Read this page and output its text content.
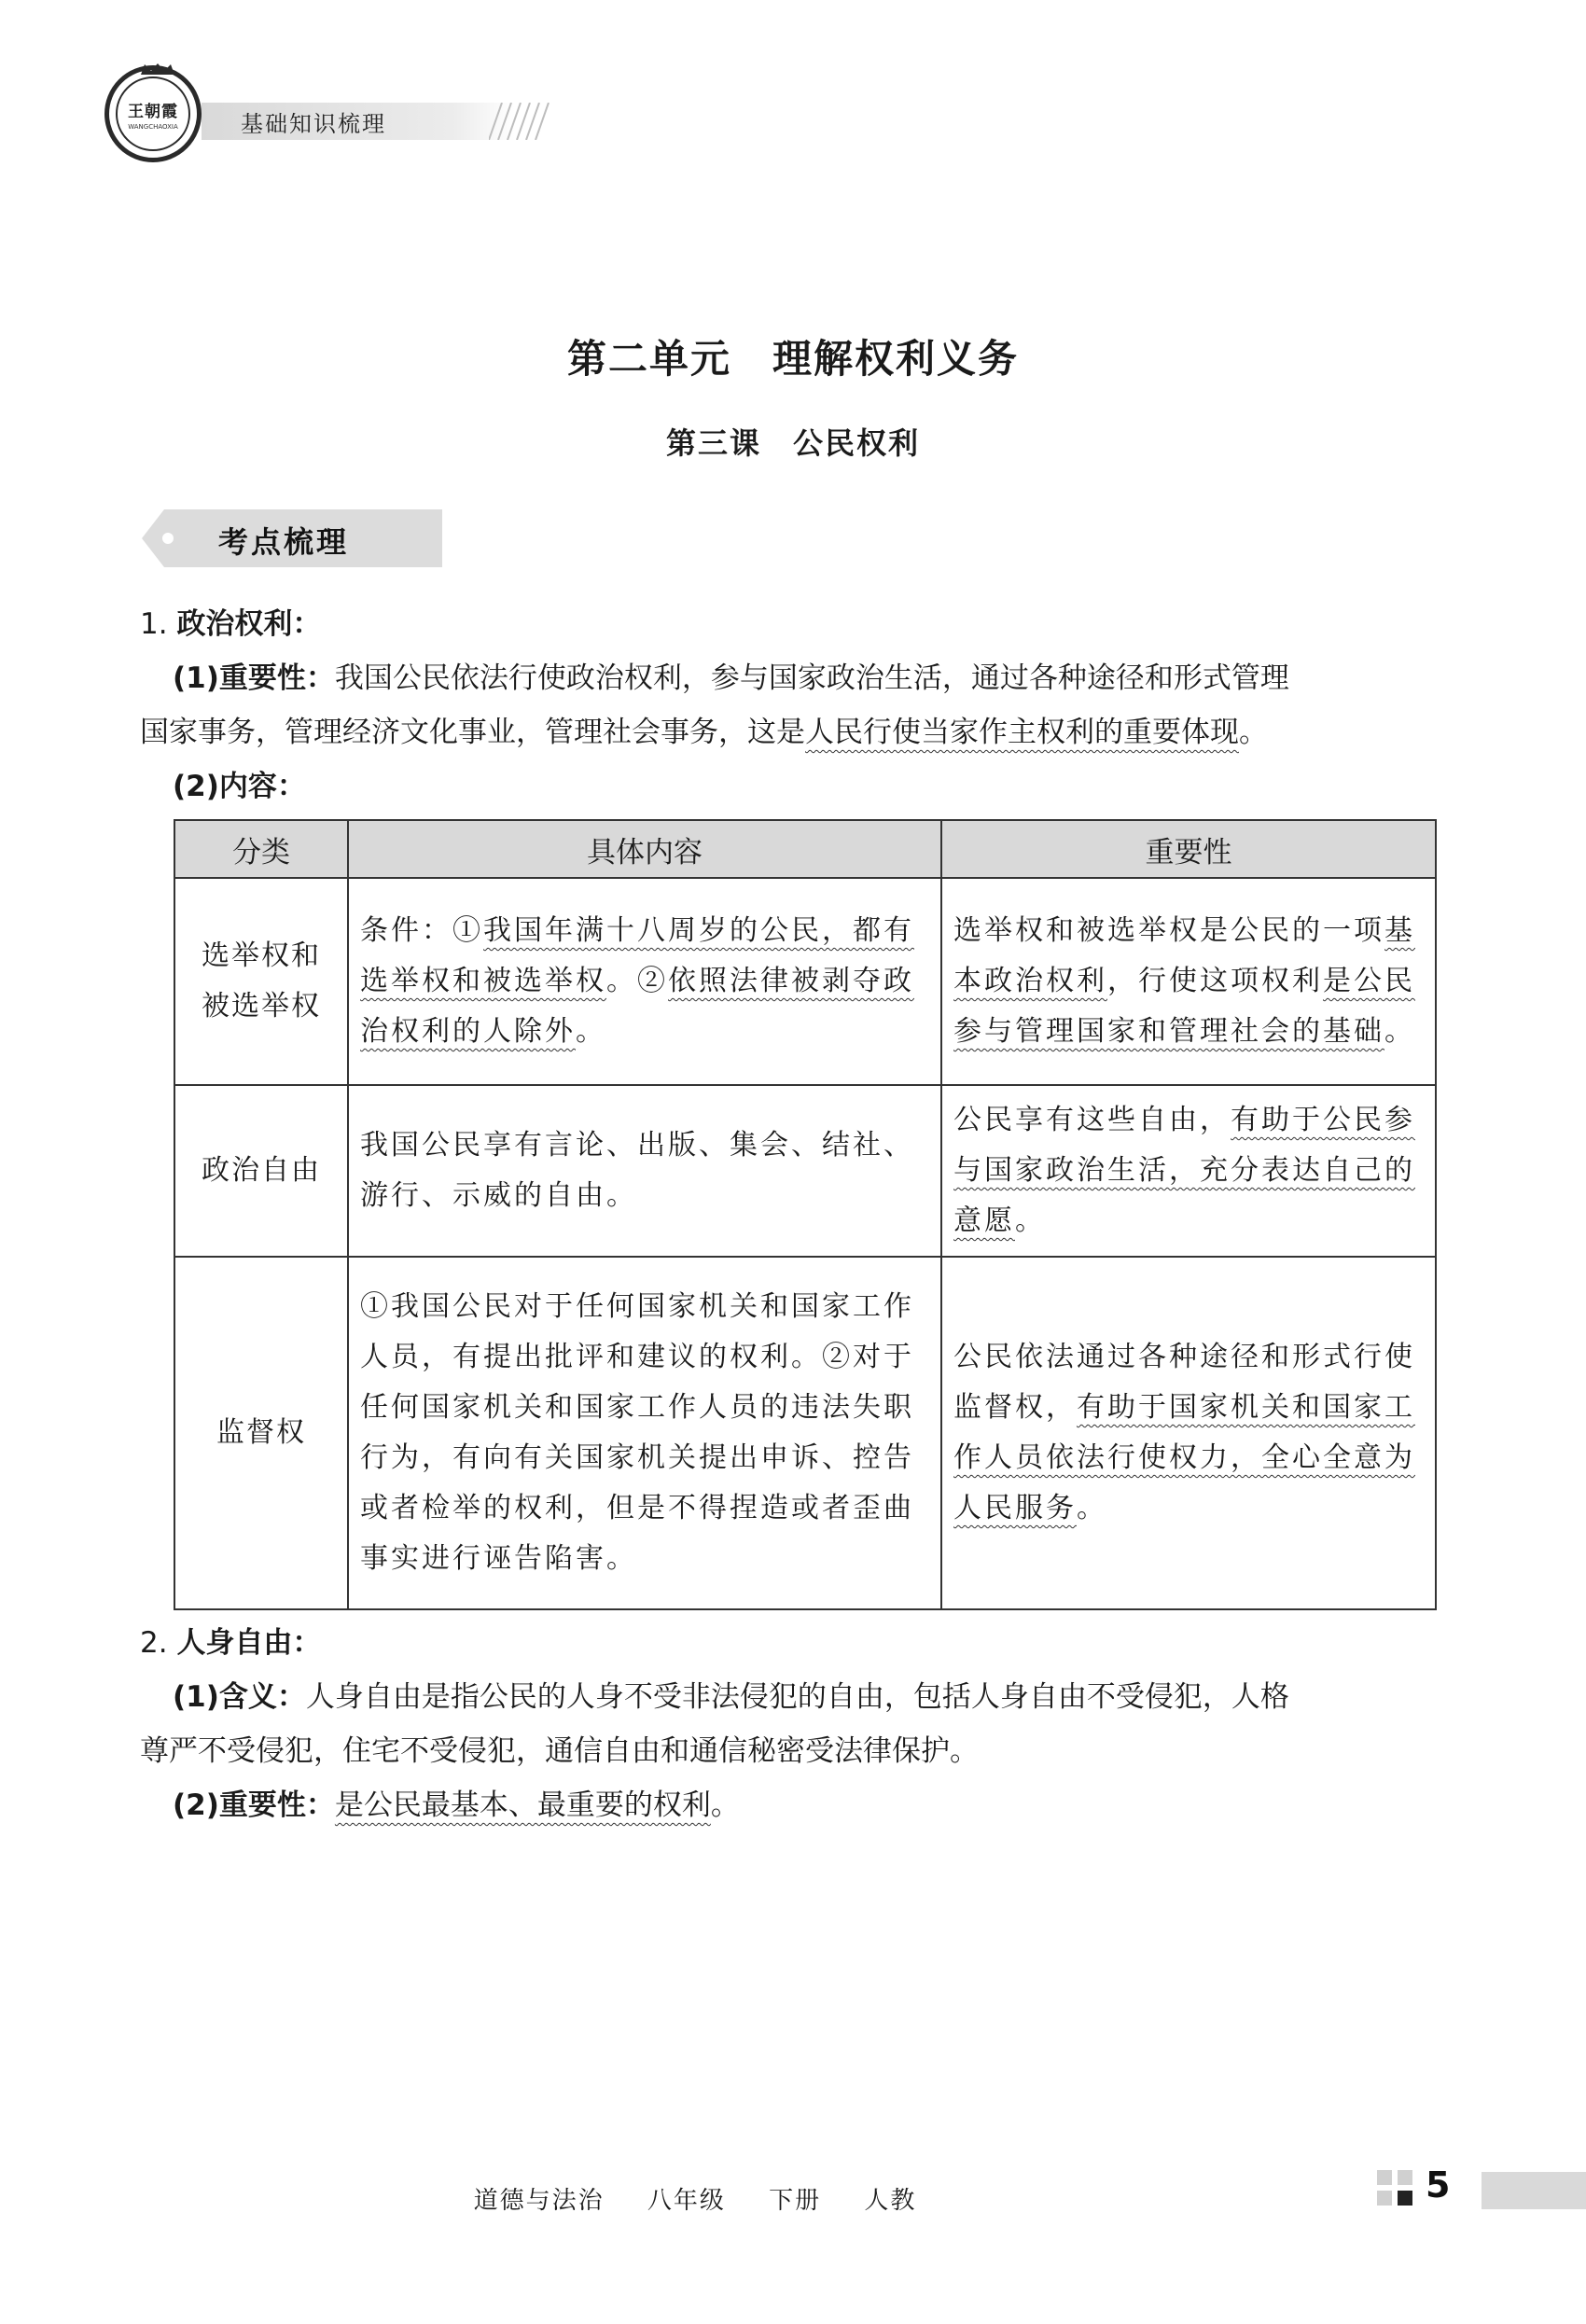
王朝霞
WANGCHAOXIA	基础知识梳理
第二单元　理解权利义务
第三课　公民权利
考点梳理
1. 政治权利：
(1)重要性：我国公民依法行使政治权利，参与国家政治生活，通过各种途径和形式管理
国家事务，管理经济文化事业，管理社会事务，这是人民行使当家作主权利的重要体现。
(2)内容：
分类	具体内容	重要性

选举权和
被选举权	条件：①我国年满十八周岁的公民，都有选举权和被选举权。②依照法律被剥夺政治权利的人除外。	选举权和被选举权是公民的一项基本政治权利，行使这项权利是公民参与管理国家和管理社会的基础。

政治自由	我国公民享有言论、出版、集会、结社、游行、示威的自由。	公民享有这些自由，有助于公民参与国家政治生活，充分表达自己的意愿。

监督权	①我国公民对于任何国家机关和国家工作人员，有提出批评和建议的权利。②对于任何国家机关和国家工作人员的违法失职行为，有向有关国家机关提出申诉、控告或者检举的权利，但是不得捏造或者歪曲事实进行诬告陷害。	公民依法通过各种途径和形式行使监督权，有助于国家机关和国家工作人员依法行使权力，全心全意为人民服务。
2. 人身自由：
(1)含义：人身自由是指公民的人身不受非法侵犯的自由，包括人身自由不受侵犯，人格
尊严不受侵犯，住宅不受侵犯，通信自由和通信秘密受法律保护。
(2)重要性：是公民最基本、最重要的权利。
道德与法治 八年级 下册 人教	5
